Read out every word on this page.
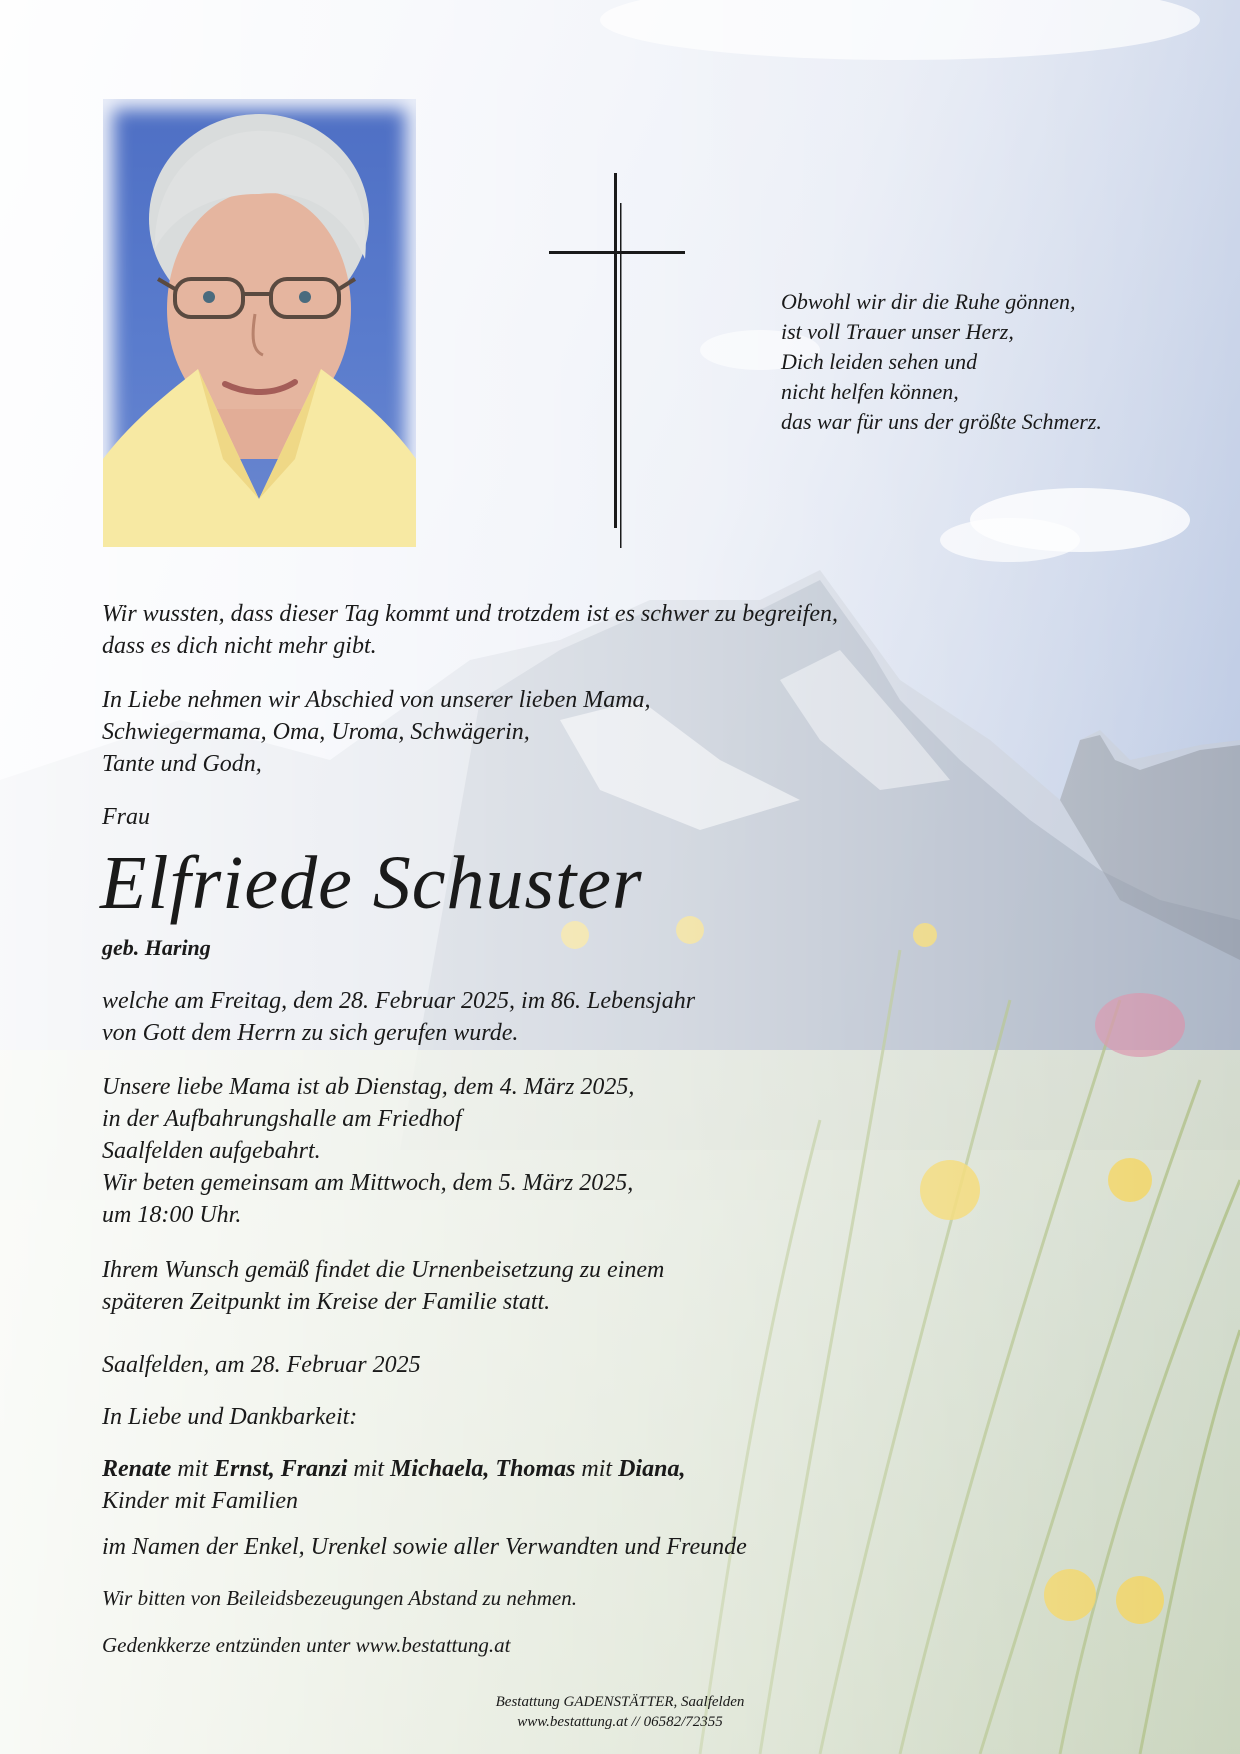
Obwohl wir dir die Ruhe gönnen,
ist voll Trauer unser Herz,
Dich leiden sehen und
nicht helfen können,
das war für uns der größte Schmerz.
Wir wussten, dass dieser Tag kommt und trotzdem ist es schwer zu begreifen,
dass es dich nicht mehr gibt.
In Liebe nehmen wir Abschied von unserer lieben Mama,
Schwiegermama, Oma, Uroma, Schwägerin,
Tante und Godn,
Frau
Elfriede Schuster
geb. Haring
welche am Freitag, dem 28. Februar 2025, im 86. Lebensjahr
von Gott dem Herrn zu sich gerufen wurde.
Unsere liebe Mama ist ab Dienstag, dem 4. März 2025,
in der Aufbahrungshalle am Friedhof
Saalfelden aufgebahrt.
Wir beten gemeinsam am Mittwoch, dem 5. März 2025,
um 18:00 Uhr.
Ihrem Wunsch gemäß findet die Urnenbeisetzung zu einem
späteren Zeitpunkt im Kreise der Familie statt.
Saalfelden, am 28. Februar 2025
In Liebe und Dankbarkeit:
Renate mit Ernst, Franzi mit Michaela, Thomas mit Diana,
Kinder mit Familien
im Namen der Enkel, Urenkel sowie aller Verwandten und Freunde
Wir bitten von Beileidsbezeugungen Abstand zu nehmen.
Gedenkkerze entzünden unter www.bestattung.at
Bestattung GADENSTÄTTER, Saalfelden
www.bestattung.at // 06582/72355
